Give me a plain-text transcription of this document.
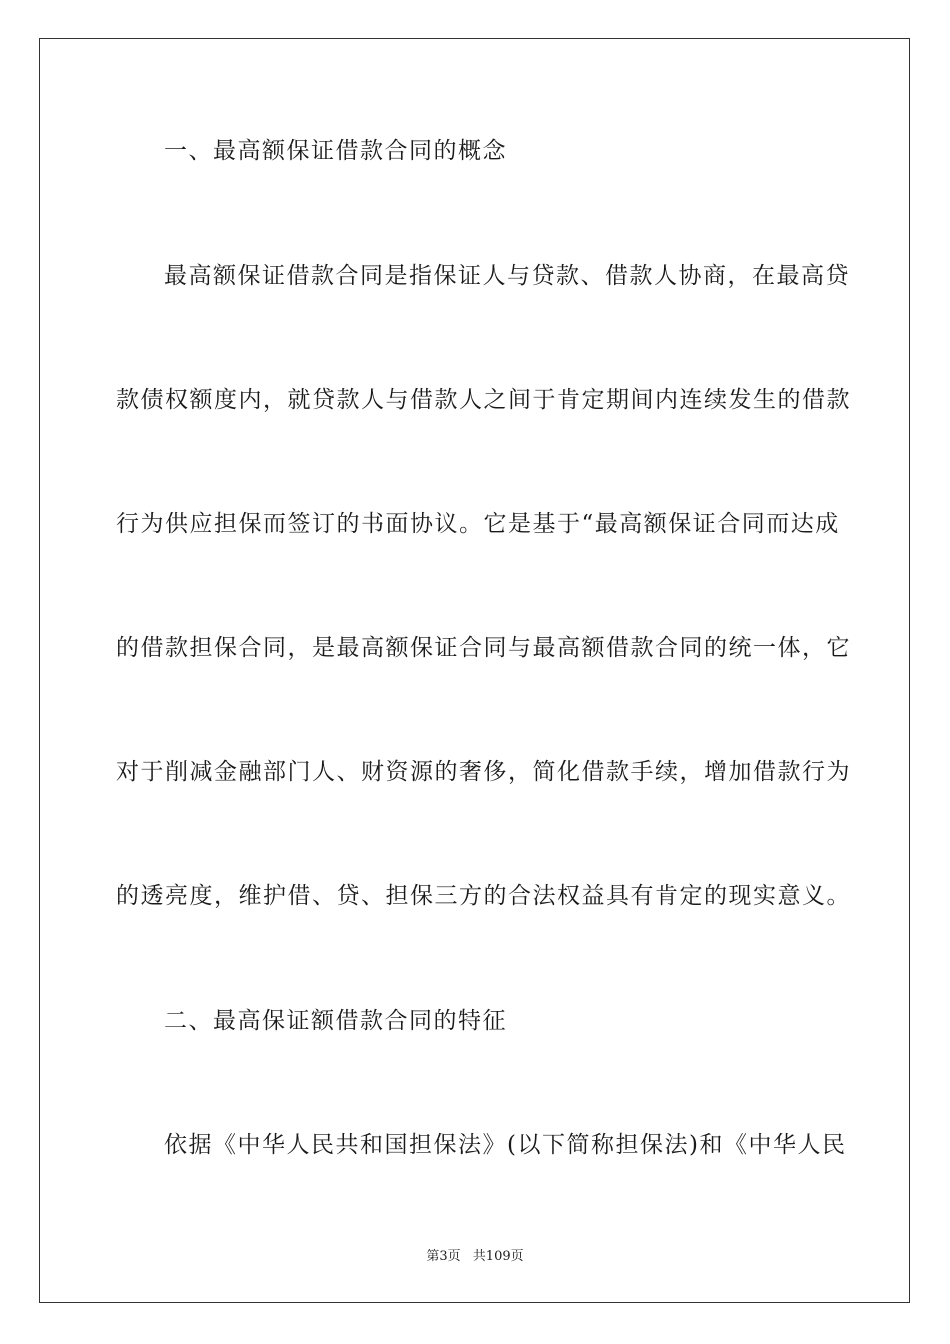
一、最高额保证借款合同的概念
最高额保证借款合同是指保证人与贷款、借款人协商，在最高贷
款债权额度内，就贷款人与借款人之间于肯定期间内连续发生的借款
行为供应担保而签订的书面协议。它是基于“最高额保证合同而达成
的借款担保合同，是最高额保证合同与最高额借款合同的统一体，它
对于削减金融部门人、财资源的奢侈，简化借款手续，增加借款行为
的透亮度，维护借、贷、担保三方的合法权益具有肯定的现实意义。
二、最高保证额借款合同的特征
依据《中华人民共和国担保法》(以下简称担保法)和《中华人民
第3页 共109页
